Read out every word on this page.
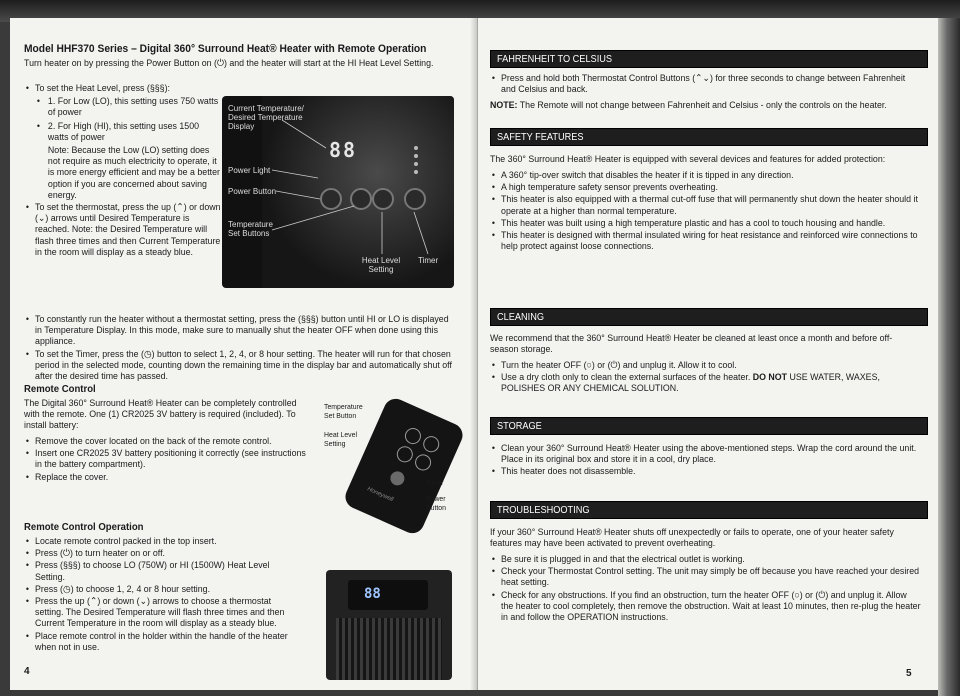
Model HHF370 Series – Digital 360° Surround Heat® Heater with Remote Operation
Turn heater on by pressing the Power Button on (⏻) and the heater will start at the HI Heat Level Setting.
• To set the Heat Level, press (§§§):
• 1. For Low (LO), this setting uses 750 watts of power
• 2. For High (HI), this setting uses 1500 watts of power
Note: Because the Low (LO) setting does not require as much electricity to operate, it is more energy efficient and may be a better option if you are concerned about saving energy.
• To set the thermostat, press the up (⌃) or down (⌄) arrows until Desired Temperature is reached. Note: the Desired Temperature will flash three times and then Current Temperature in the room will display as a steady blue.
88
Current Temperature/ Desired Temperature Display
Power Light
Power Button
Temperature Set Buttons
Heat Level Setting
Timer
• To constantly run the heater without a thermostat setting, press the (§§§) button until HI or LO is displayed in Temperature Display. In this mode, make sure to manually shut the heater OFF when done using this appliance.
• To set the Timer, press the (◷) button to select 1, 2, 4, or 8 hour setting. The heater will run for that chosen period in the selected mode, counting down the remaining time in the display bar and automatically shut off after the desired time has passed.
Remote Control
The Digital 360° Surround Heat® Heater can be completely controlled with the remote. One (1) CR2025 3V battery is required (included). To install battery:
• Remove the cover located on the back of the remote control.
• Insert one CR2025 3V battery positioning it correctly (see instructions in the battery compartment).
• Replace the cover.
Honeywell
Temperature Set Button
Heat Level Setting
Timer
Power Button
Remote Control Operation
• Locate remote control packed in the top insert.
• Press (⏻) to turn heater on or off.
• Press (§§§) to choose LO (750W) or HI (1500W) Heat Level Setting.
• Press (◷) to choose 1, 2, 4 or 8 hour setting.
• Press the up (⌃) or down (⌄) arrows to choose a thermostat setting. The Desired Temperature will flash three times and then Current Temperature in the room will display as a steady blue.
• Place remote control in the holder within the handle of the heater when not in use.
88
4
FAHRENHEIT TO CELSIUS
• Press and hold both Thermostat Control Buttons (⌃⌄) for three seconds to change between Fahrenheit and Celsius and back.
NOTE: The Remote will not change between Fahrenheit and Celsius - only the controls on the heater.
SAFETY FEATURES
The 360° Surround Heat® Heater is equipped with several devices and features for added protection:
• A 360° tip-over switch that disables the heater if it is tipped in any direction.
• A high temperature safety sensor prevents overheating.
• This heater is also equipped with a thermal cut-off fuse that will permanently shut down the heater should it operate at a higher than normal temperature.
• This heater was built using a high temperature plastic and has a cool to touch housing and handle.
• This heater is designed with thermal insulated wiring for heat resistance and reinforced wire connections to help protect against loose connections.
CLEANING
We recommend that the 360° Surround Heat® Heater be cleaned at least once a month and before off-season storage.
• Turn the heater OFF (○) or (⏻) and unplug it. Allow it to cool.
• Use a dry cloth only to clean the external surfaces of the heater. DO NOT USE WATER, WAXES, POLISHES OR ANY CHEMICAL SOLUTION.
STORAGE
• Clean your 360° Surround Heat® Heater using the above-mentioned steps. Wrap the cord around the unit. Place in its original box and store it in a cool, dry place.
• This heater does not disassemble.
TROUBLESHOOTING
If your 360° Surround Heat® Heater shuts off unexpectedly or fails to operate, one of your heater safety features may have been activated to prevent overheating.
• Be sure it is plugged in and that the electrical outlet is working.
• Check your Thermostat Control setting. The unit may simply be off because you have reached your desired heat setting.
• Check for any obstructions. If you find an obstruction, turn the heater OFF (○) or (⏻) and unplug it. Allow the heater to cool completely, then remove the obstruction. Wait at least 10 minutes, then re-plug the heater in and follow the OPERATION instructions.
5
